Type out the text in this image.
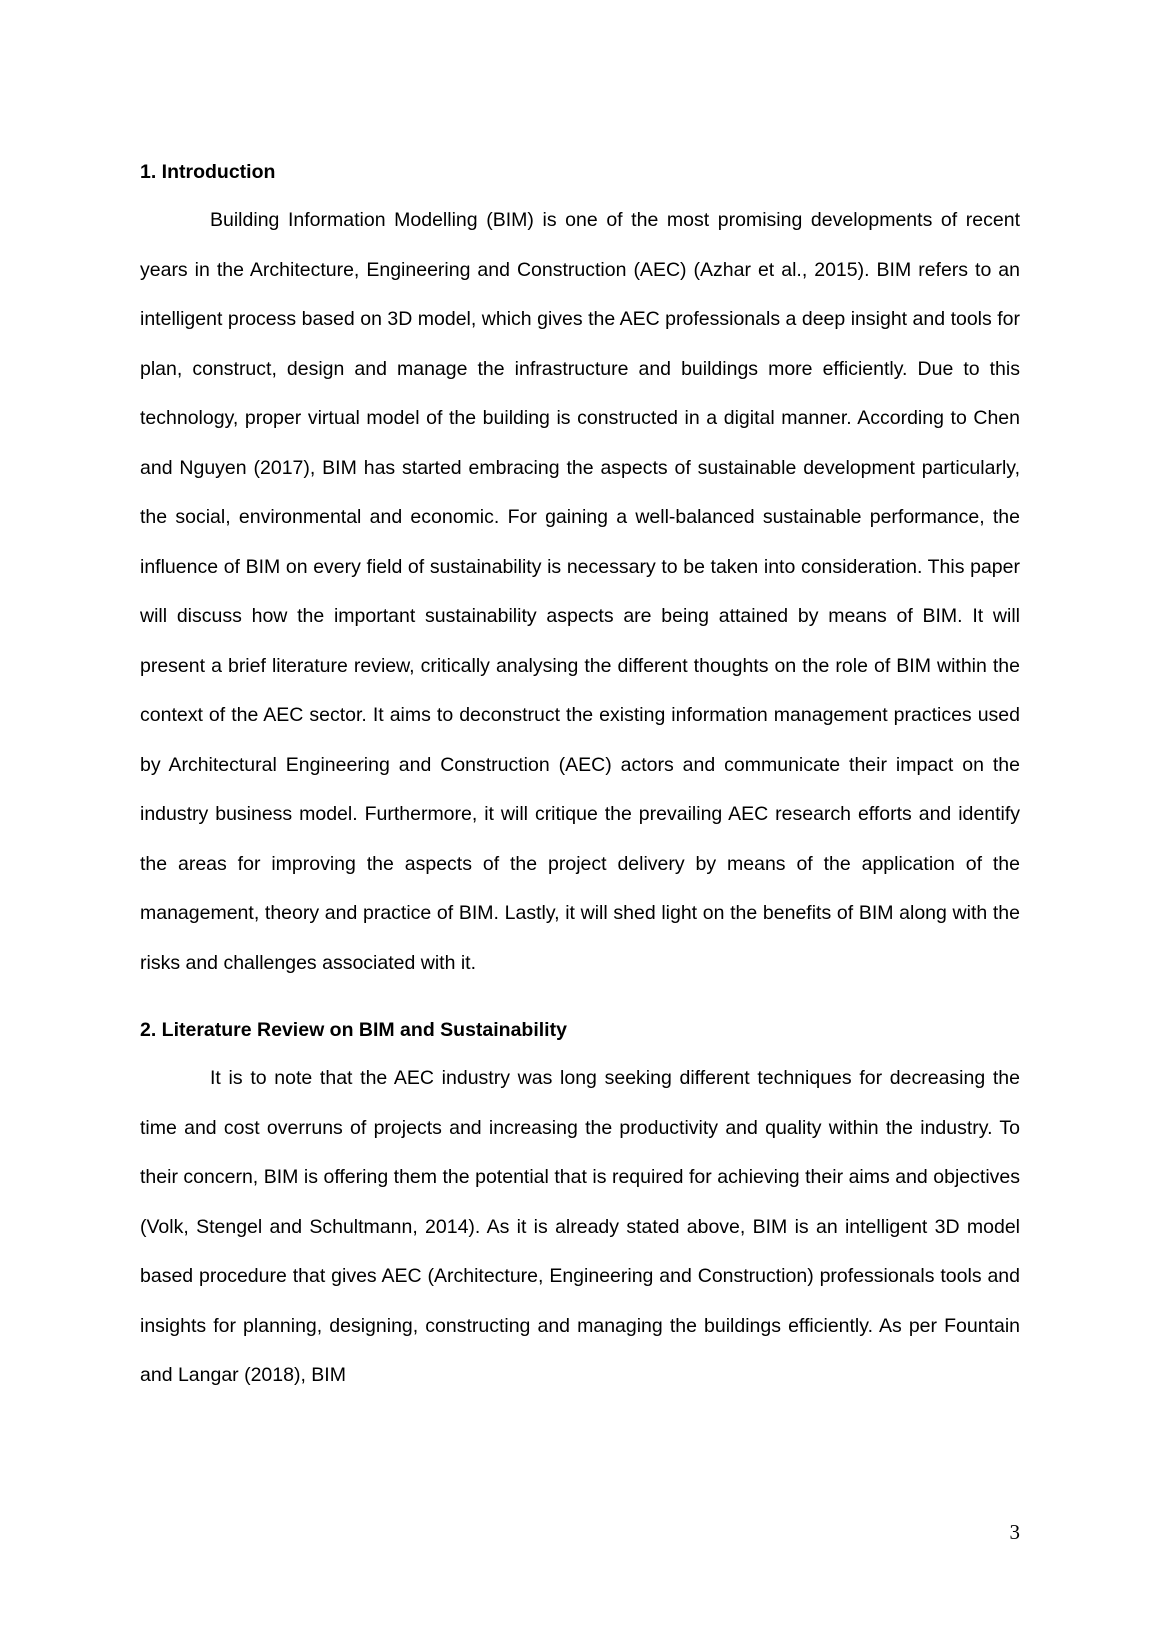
1. Introduction

Building Information Modelling (BIM) is one of the most promising developments of recent years in the Architecture, Engineering and Construction (AEC) (Azhar et al., 2015). BIM refers to an intelligent process based on 3D model, which gives the AEC professionals a deep insight and tools for plan, construct, design and manage the infrastructure and buildings more efficiently. Due to this technology, proper virtual model of the building is constructed in a digital manner. According to Chen and Nguyen (2017), BIM has started embracing the aspects of sustainable development particularly, the social, environmental and economic. For gaining a well-balanced sustainable performance, the influence of BIM on every field of sustainability is necessary to be taken into consideration. This paper will discuss how the important sustainability aspects are being attained by means of BIM. It will present a brief literature review, critically analysing the different thoughts on the role of BIM within the context of the AEC sector. It aims to deconstruct the existing information management practices used by Architectural Engineering and Construction (AEC) actors and communicate their impact on the industry business model. Furthermore, it will critique the prevailing AEC research efforts and identify the areas for improving the aspects of the project delivery by means of the application of the management, theory and practice of BIM. Lastly, it will shed light on the benefits of BIM along with the risks and challenges associated with it.

2. Literature Review on BIM and Sustainability

It is to note that the AEC industry was long seeking different techniques for decreasing the time and cost overruns of projects and increasing the productivity and quality within the industry. To their concern, BIM is offering them the potential that is required for achieving their aims and objectives (Volk, Stengel and Schultmann, 2014). As it is already stated above, BIM is an intelligent 3D model based procedure that gives AEC (Architecture, Engineering and Construction) professionals tools and insights for planning, designing, constructing and managing the buildings efficiently. As per Fountain and Langar (2018), BIM

3
